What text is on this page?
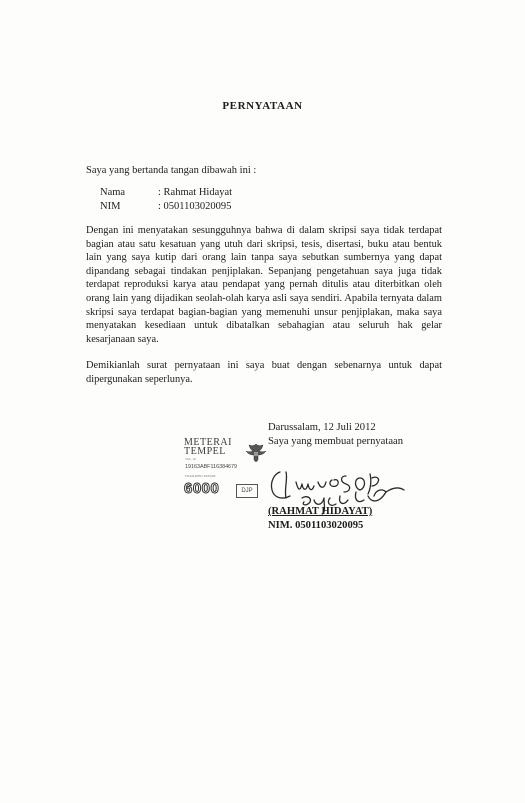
PERNYATAAN
Saya yang bertanda tangan dibawah ini :
Nama	: Rahmat Hidayat
NIM	: 0501103020095
Dengan ini menyatakan sesungguhnya bahwa di dalam skripsi saya tidak terdapat bagian atau satu kesatuan yang utuh dari skripsi, tesis, disertasi, buku atau bentuk lain yang saya kutip dari orang lain tanpa saya sebutkan sumbernya yang dapat dipandang sebagai tindakan penjiplakan. Sepanjang pengetahuan saya juga tidak terdapat reproduksi karya atau pendapat yang pernah ditulis atau diterbitkan oleh orang lain yang dijadikan seolah-olah karya asli saya sendiri. Apabila ternyata dalam skripsi saya terdapat bagian-bagian yang memenuhi unsur penjiplakan, maka saya menyatakan kesediaan untuk dibatalkan sebahagian atau seluruh hak gelar kesarjanaan saya.
Demikianlah surat pernyataan ini saya buat dengan sebenarnya untuk dapat dipergunakan seperlunya.
Darussalam, 12 Juli 2012
Saya yang membuat pernyataan
METERAI
TEMPEL
TGL. 20
19163ABF116384679
ENAM RIBU RUPIAH
6000	DJP
(RAHMAT HIDAYAT)
NIM. 0501103020095
